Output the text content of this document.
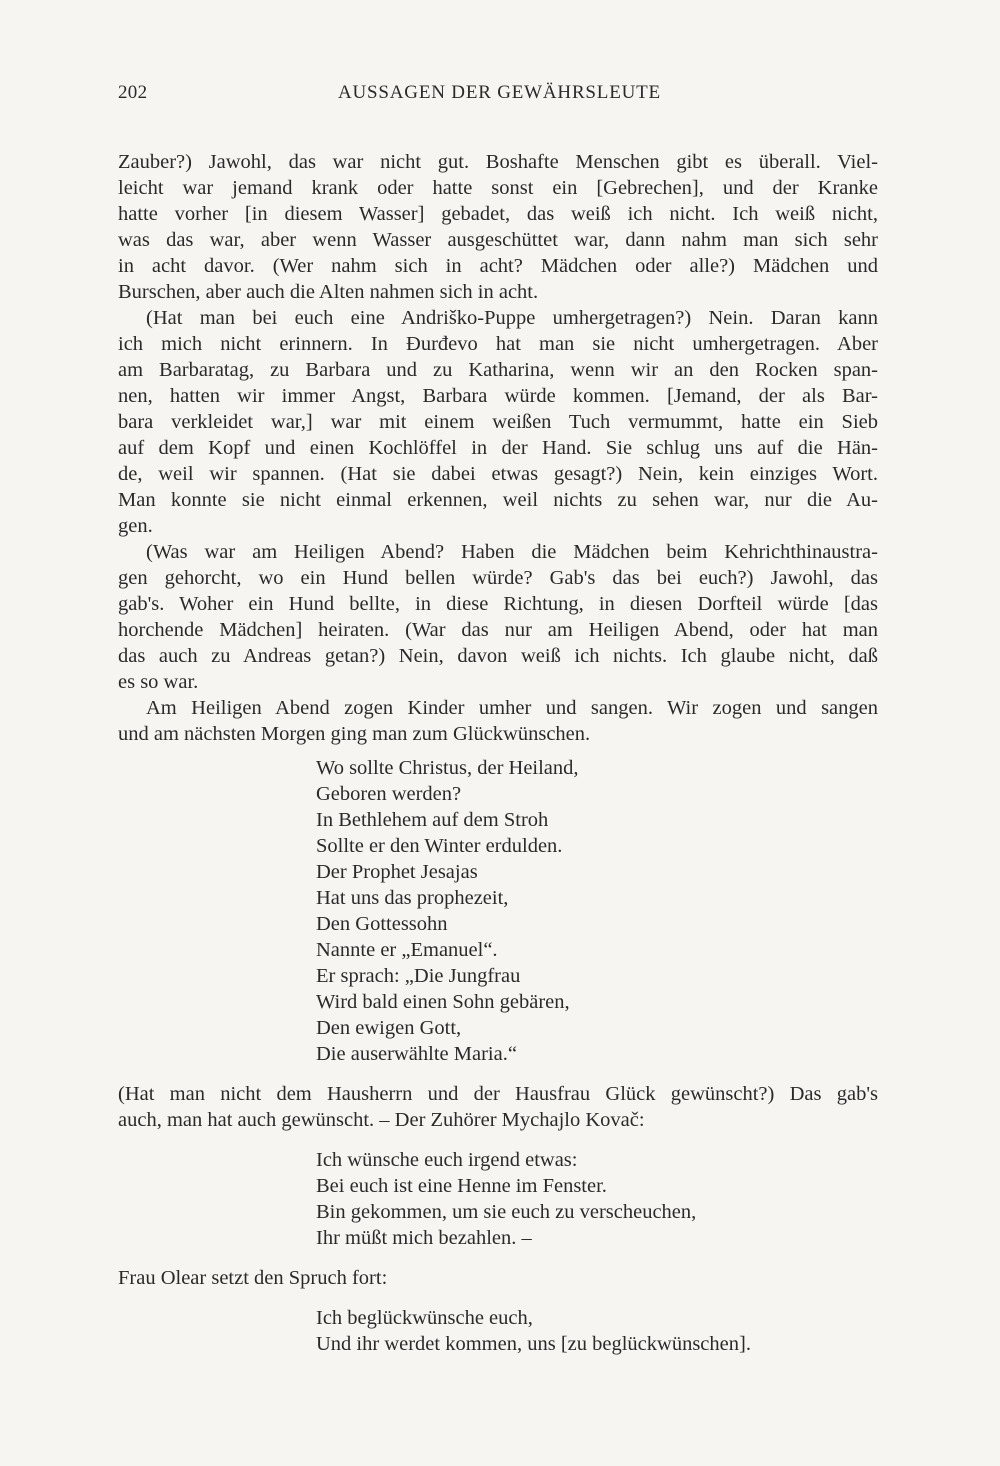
202	AUSSAGEN DER GEWÄHRSLEUTE
Zauber?) Jawohl, das war nicht gut. Boshafte Menschen gibt es überall. Viel-
leicht war jemand krank oder hatte sonst ein [Gebrechen], und der Kranke
hatte vorher [in diesem Wasser] gebadet, das weiß ich nicht. Ich weiß nicht,
was das war, aber wenn Wasser ausgeschüttet war, dann nahm man sich sehr
in acht davor. (Wer nahm sich in acht? Mädchen oder alle?) Mädchen und
Burschen, aber auch die Alten nahmen sich in acht.
(Hat man bei euch eine Andriško-Puppe umhergetragen?) Nein. Daran kann
ich mich nicht erinnern. In Đurđevo hat man sie nicht umhergetragen. Aber
am Barbaratag, zu Barbara und zu Katharina, wenn wir an den Rocken span-
nen, hatten wir immer Angst, Barbara würde kommen. [Jemand, der als Bar-
bara verkleidet war,] war mit einem weißen Tuch vermummt, hatte ein Sieb
auf dem Kopf und einen Kochlöffel in der Hand. Sie schlug uns auf die Hän-
de, weil wir spannen. (Hat sie dabei etwas gesagt?) Nein, kein einziges Wort.
Man konnte sie nicht einmal erkennen, weil nichts zu sehen war, nur die Au-
gen.
(Was war am Heiligen Abend? Haben die Mädchen beim Kehrichthinaustra-
gen gehorcht, wo ein Hund bellen würde? Gab's das bei euch?) Jawohl, das
gab's. Woher ein Hund bellte, in diese Richtung, in diesen Dorfteil würde [das
horchende Mädchen] heiraten. (War das nur am Heiligen Abend, oder hat man
das auch zu Andreas getan?) Nein, davon weiß ich nichts. Ich glaube nicht, daß
es so war.
Am Heiligen Abend zogen Kinder umher und sangen. Wir zogen und sangen
und am nächsten Morgen ging man zum Glückwünschen.
Wo sollte Christus, der Heiland,
Geboren werden?
In Bethlehem auf dem Stroh
Sollte er den Winter erdulden.
Der Prophet Jesajas
Hat uns das prophezeit,
Den Gottessohn
Nannte er „Emanuel“.
Er sprach: „Die Jungfrau
Wird bald einen Sohn gebären,
Den ewigen Gott,
Die auserwählte Maria.“
(Hat man nicht dem Hausherrn und der Hausfrau Glück gewünscht?) Das gab's
auch, man hat auch gewünscht. – Der Zuhörer Mychajlo Kovač:
Ich wünsche euch irgend etwas:
Bei euch ist eine Henne im Fenster.
Bin gekommen, um sie euch zu verscheuchen,
Ihr müßt mich bezahlen. –
Frau Olear setzt den Spruch fort:
Ich beglückwünsche euch,
Und ihr werdet kommen, uns [zu beglückwünschen].
